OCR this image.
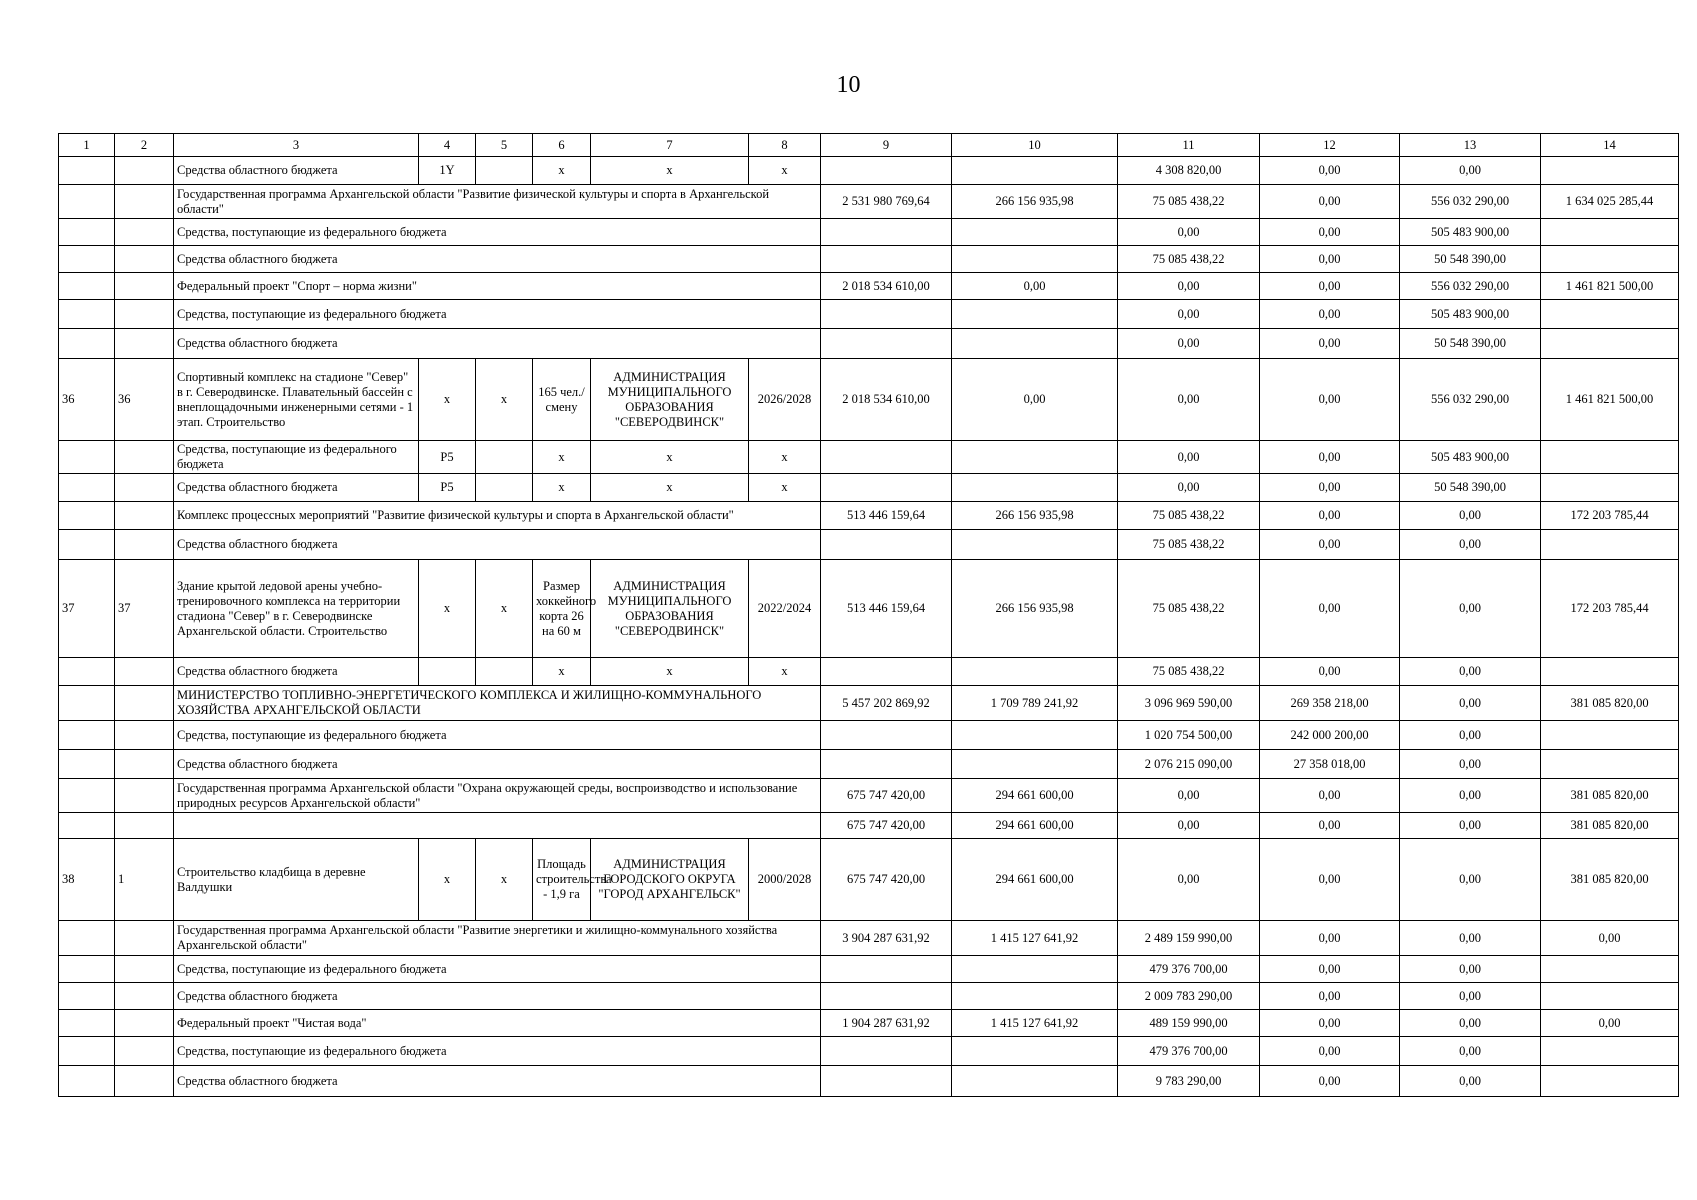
10
1	2	3	4	5	6	7	8	9	10	11	12	13	14
		Средства областного бюджета	1Y		x	x	x			4 308 820,00	0,00	0,00	
		Государственная программа Архангельской области "Развитие физической культуры и спорта в Архангельской области"						2 531 980 769,64	266 156 935,98	75 085 438,22	0,00	556 032 290,00	1 634 025 285,44
		Средства, поступающие из федерального бюджета								0,00	0,00	505 483 900,00	
		Средства областного бюджета								75 085 438,22	0,00	50 548 390,00	
		Федеральный проект "Спорт – норма жизни"						2 018 534 610,00	0,00	0,00	0,00	556 032 290,00	1 461 821 500,00
		Средства, поступающие из федерального бюджета								0,00	0,00	505 483 900,00	
		Средства областного бюджета								0,00	0,00	50 548 390,00	
36	36	Спортивный комплекс на стадионе "Север" в г. Северодвинске. Плавательный бассейн с внеплощадочными инженерными сетями - 1 этап. Строительство	x	x	165 чел./смену	АДМИНИСТРАЦИЯ МУНИЦИПАЛЬНОГО ОБРАЗОВАНИЯ "СЕВЕРОДВИНСК"	2026/2028	2 018 534 610,00	0,00	0,00	0,00	556 032 290,00	1 461 821 500,00
		Средства, поступающие из федерального бюджета	P5		x	x	x			0,00	0,00	505 483 900,00	
		Средства областного бюджета	P5		x	x	x			0,00	0,00	50 548 390,00	
		Комплекс процессных мероприятий "Развитие физической культуры и спорта в Архангельской области"						513 446 159,64	266 156 935,98	75 085 438,22	0,00	0,00	172 203 785,44
		Средства областного бюджета								75 085 438,22	0,00	0,00	
37	37	Здание крытой ледовой арены учебно-тренировочного комплекса на территории стадиона "Север" в г. Северодвинске Архангельской области. Строительство	x	x	Размер хоккейного корта 26 на 60 м	АДМИНИСТРАЦИЯ МУНИЦИПАЛЬНОГО ОБРАЗОВАНИЯ "СЕВЕРОДВИНСК"	2022/2024	513 446 159,64	266 156 935,98	75 085 438,22	0,00	0,00	172 203 785,44
		Средства областного бюджета			x	x	x			75 085 438,22	0,00	0,00	
		МИНИСТЕРСТВО ТОПЛИВНО-ЭНЕРГЕТИЧЕСКОГО КОМПЛЕКСА И ЖИЛИЩНО-КОММУНАЛЬНОГО ХОЗЯЙСТВА АРХАНГЕЛЬСКОЙ ОБЛАСТИ						5 457 202 869,92	1 709 789 241,92	3 096 969 590,00	269 358 218,00	0,00	381 085 820,00
		Средства, поступающие из федерального бюджета								1 020 754 500,00	242 000 200,00	0,00	
		Средства областного бюджета								2 076 215 090,00	27 358 018,00	0,00	
		Государственная программа Архангельской области "Охрана окружающей среды, воспроизводство и использование природных ресурсов Архангельской области"						675 747 420,00	294 661 600,00	0,00	0,00	0,00	381 085 820,00
								675 747 420,00	294 661 600,00	0,00	0,00	0,00	381 085 820,00
38	1	Строительство кладбища в деревне Валдушки	x	x	Площадь строительства - 1,9 га	АДМИНИСТРАЦИЯ ГОРОДСКОГО ОКРУГА "ГОРОД АРХАНГЕЛЬСК"	2000/2028	675 747 420,00	294 661 600,00	0,00	0,00	0,00	381 085 820,00
		Государственная программа Архангельской области "Развитие энергетики и жилищно-коммунального хозяйства Архангельской области"						3 904 287 631,92	1 415 127 641,92	2 489 159 990,00	0,00	0,00	0,00
		Средства, поступающие из федерального бюджета								479 376 700,00	0,00	0,00	
		Средства областного бюджета								2 009 783 290,00	0,00	0,00	
		Федеральный проект "Чистая вода"						1 904 287 631,92	1 415 127 641,92	489 159 990,00	0,00	0,00	0,00
		Средства, поступающие из федерального бюджета								479 376 700,00	0,00	0,00	
		Средства областного бюджета								9 783 290,00	0,00	0,00	
